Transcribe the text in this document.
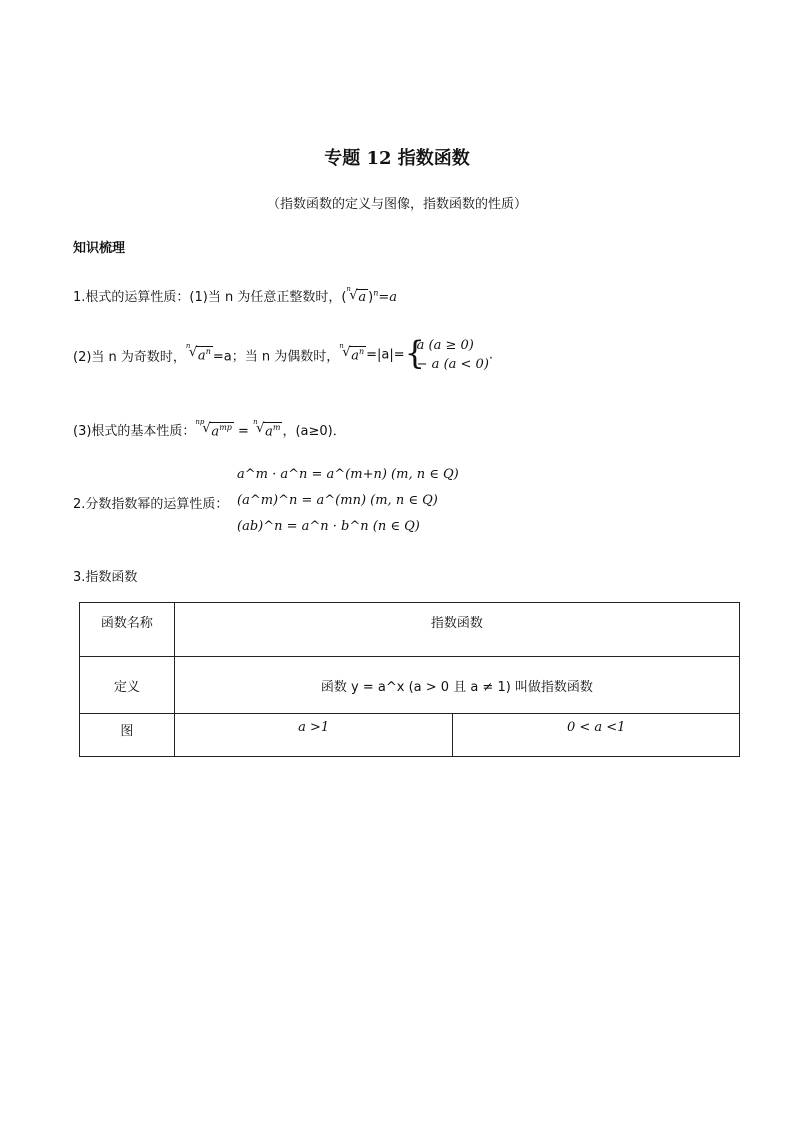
专题 12 指数函数
（指数函数的定义与图像，指数函数的性质）
知识梳理
1.根式的运算性质：(1)当 n 为任意正整数时，(
n
√ a )$^n$=a
(2)当 n 为奇数时，
n
√ $a^n =a$；当 n 为偶数时，
n
√ $a^n =|a|=$ {
a (a ≥ 0)
− a (a < 0)
.
(3)根式的基本性质：
np
√ $a^{mp}$ =
n
√ $a^m$ ，(a≥0)．
a^m · a^n = a^(m+n) (m, n ∈ Q)
2.分数指数幂的运算性质： (a^m)^n = a^(mn) (m, n ∈ Q)
(ab)^n = a^n · b^n (n ∈ Q)
3.指数函数
函数名称	指数函数	
定义	函数 y = a^x (a > 0 且 a ≠ 1) 叫做指数函数	
图	a >1	0 < a <1
